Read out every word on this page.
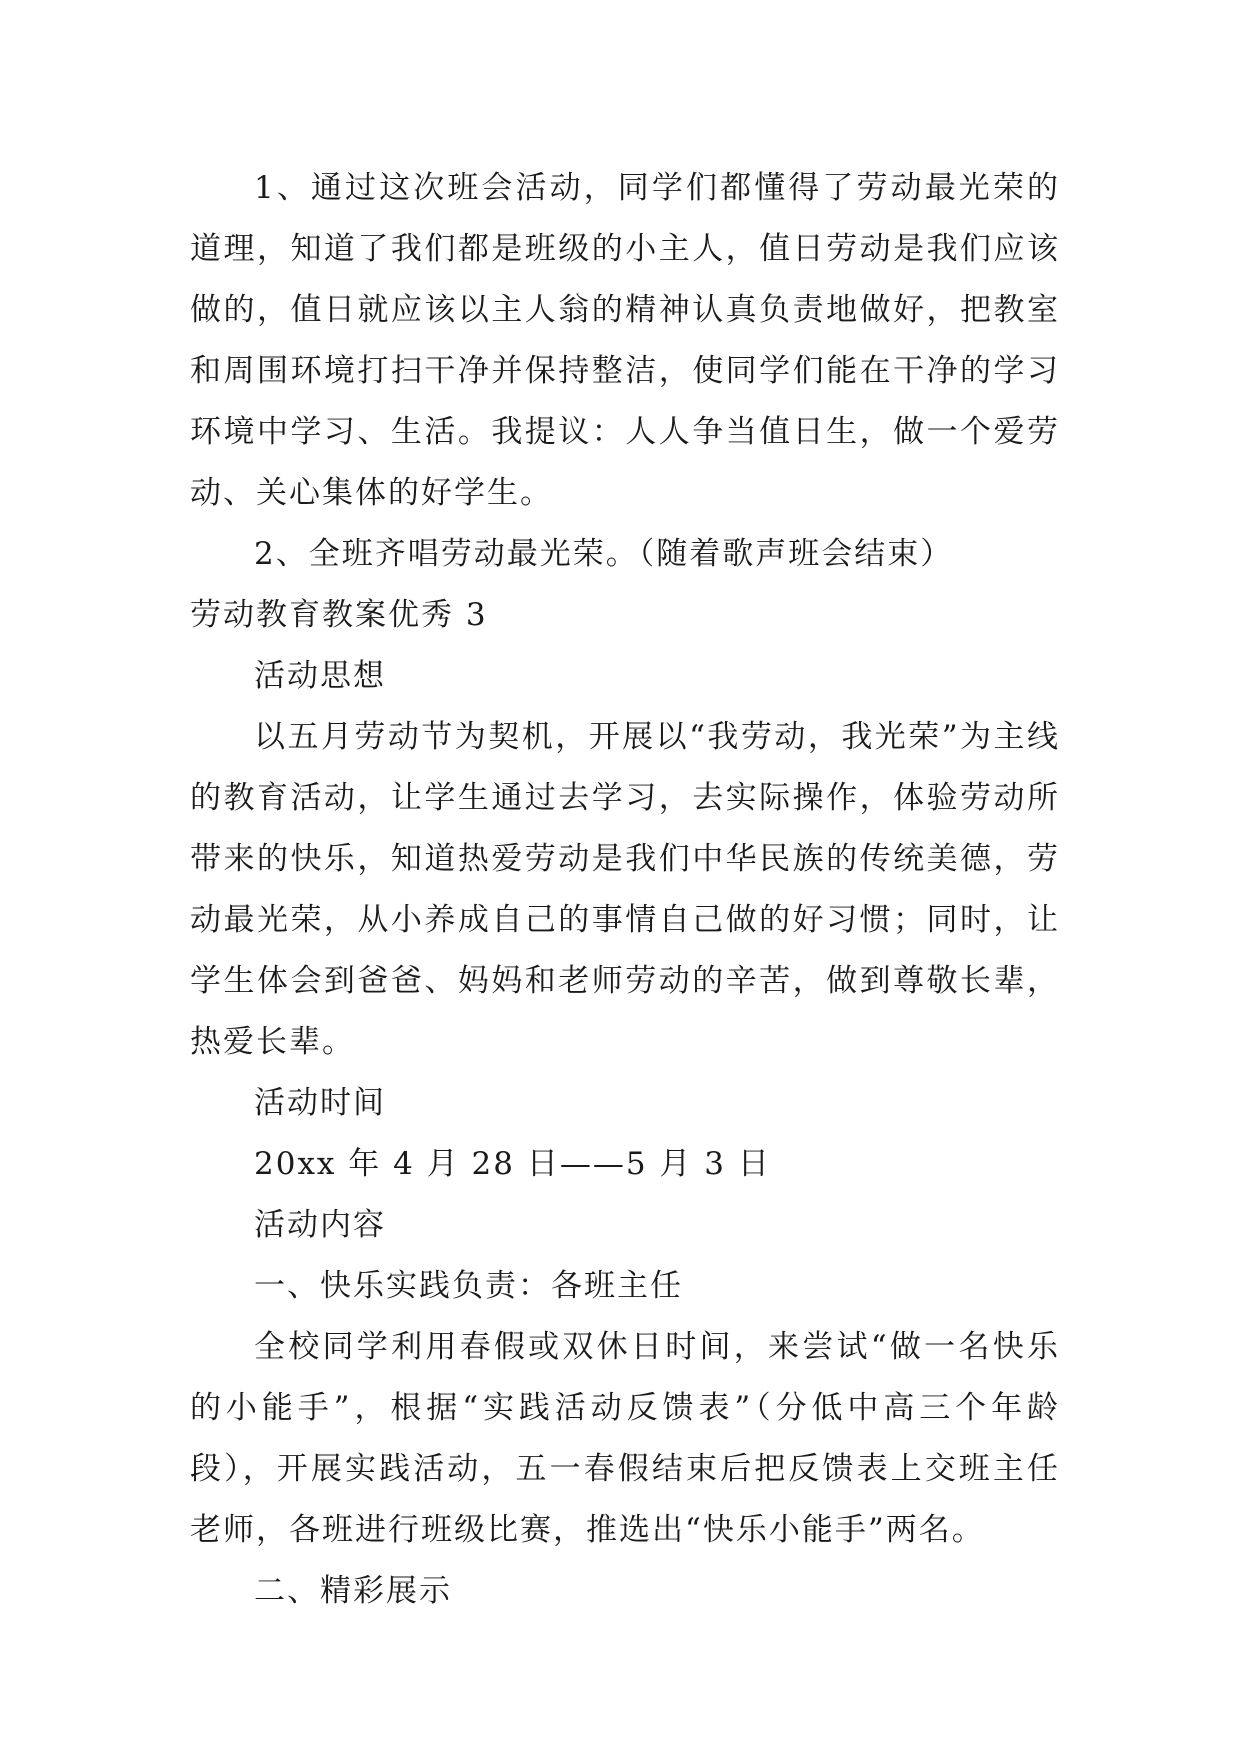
1、通过这次班会活动，同学们都懂得了劳动最光荣的道理，知道了我们都是班级的小主人，值日劳动是我们应该做的，值日就应该以主人翁的精神认真负责地做好，把教室和周围环境打扫干净并保持整洁，使同学们能在干净的学习环境中学习、生活。我提议：人人争当值日生，做一个爱劳动、关心集体的好学生。

2、全班齐唱劳动最光荣。（随着歌声班会结束）

劳动教育教案优秀 3

活动思想

以五月劳动节为契机，开展以“我劳动，我光荣”为主线的教育活动，让学生通过去学习，去实际操作，体验劳动所带来的快乐，知道热爱劳动是我们中华民族的传统美德，劳动最光荣，从小养成自己的事情自己做的好习惯；同时，让学生体会到爸爸、妈妈和老师劳动的辛苦，做到尊敬长辈，热爱长辈。

活动时间

20xx 年 4 月 28 日——5 月 3 日

活动内容

一、快乐实践负责：各班主任

全校同学利用春假或双休日时间，来尝试“做一名快乐的小能手”，根据“实践活动反馈表”（分低中高三个年龄段），开展实践活动，五一春假结束后把反馈表上交班主任老师，各班进行班级比赛，推选出“快乐小能手”两名。

二、精彩展示
